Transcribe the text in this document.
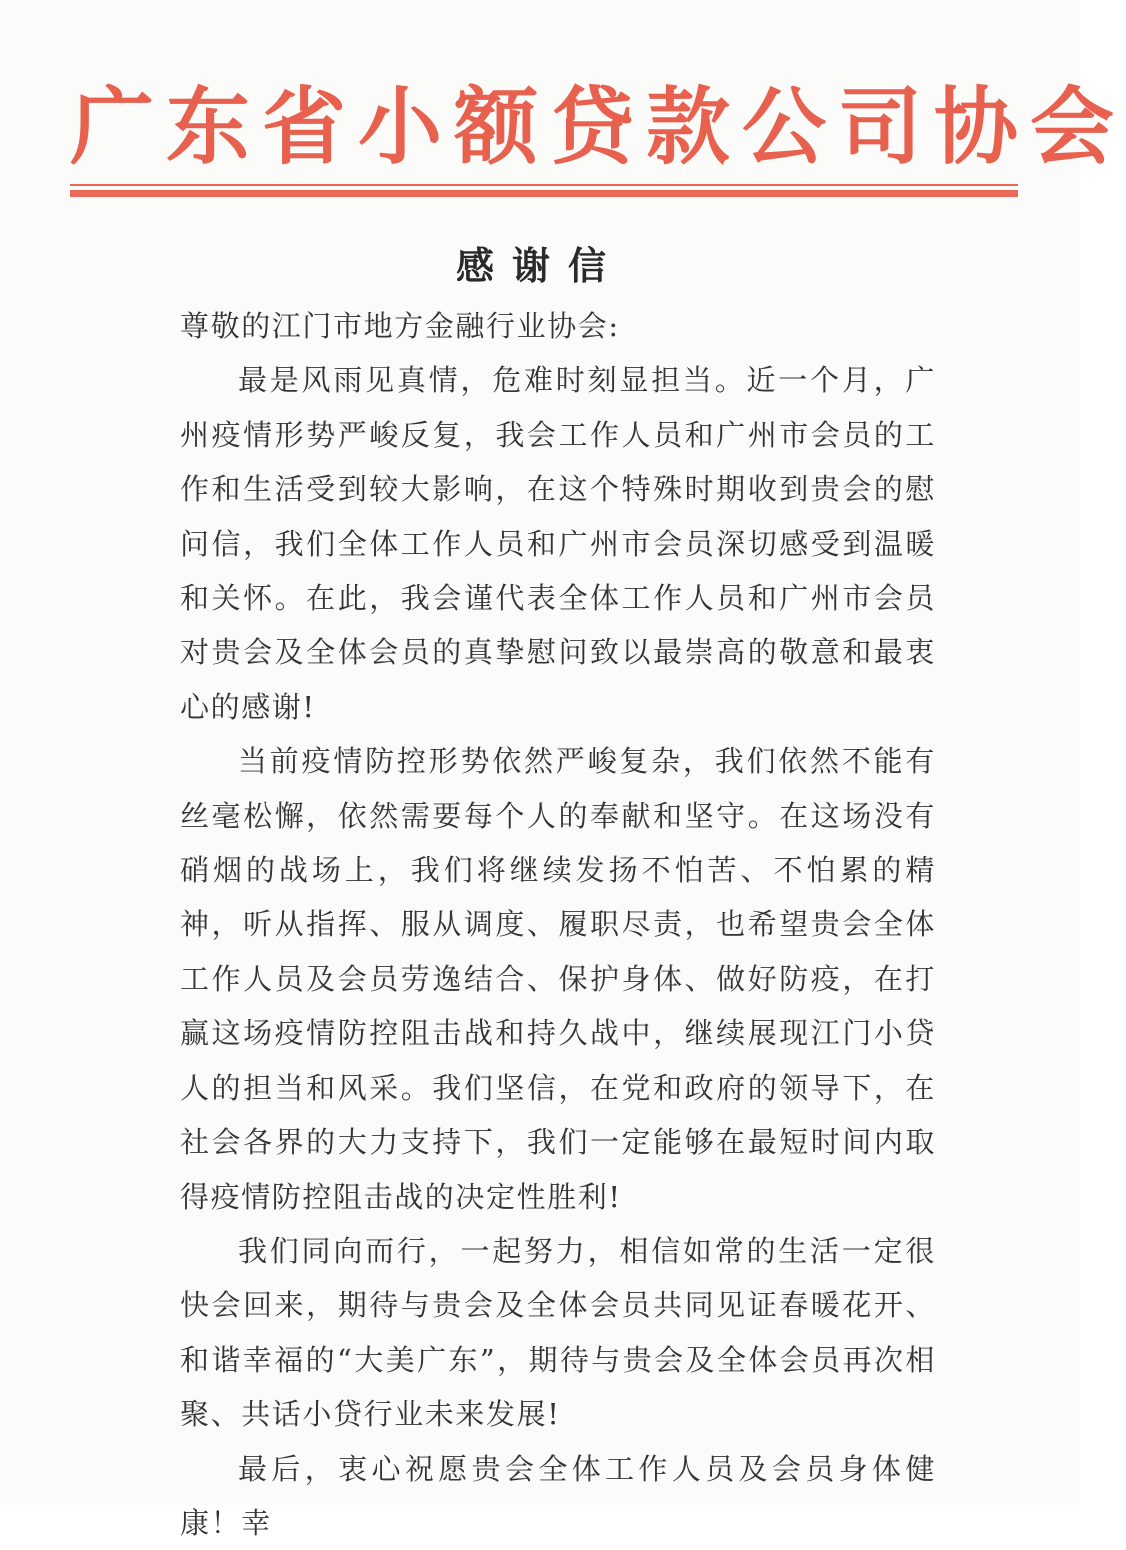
广东省小额贷款公司协会
感谢信

尊敬的江门市地方金融行业协会:

最是风雨见真情，危难时刻显担当。近一个月，广州疫情形势严峻反复，我会工作人员和广州市会员的工作和生活受到较大影响，在这个特殊时期收到贵会的慰问信，我们全体工作人员和广州市会员深切感受到温暖和关怀。在此，我会谨代表全体工作人员和广州市会员对贵会及全体会员的真挚慰问致以最崇高的敬意和最衷心的感谢!

当前疫情防控形势依然严峻复杂，我们依然不能有丝毫松懈，依然需要每个人的奉献和坚守。在这场没有硝烟的战场上，我们将继续发扬不怕苦、不怕累的精神，听从指挥、服从调度、履职尽责，也希望贵会全体工作人员及会员劳逸结合、保护身体、做好防疫，在打赢这场疫情防控阻击战和持久战中，继续展现江门小贷人的担当和风采。我们坚信，在党和政府的领导下，在社会各界的大力支持下，我们一定能够在最短时间内取得疫情防控阻击战的决定性胜利!

我们同向而行，一起努力，相信如常的生活一定很快会回来，期待与贵会及全体会员共同见证春暖花开、和谐幸福的“大美广东”，期待与贵会及全体会员再次相聚、共话小贷行业未来发展!

最后，衷心祝愿贵会全体工作人员及会员身体健康！幸
